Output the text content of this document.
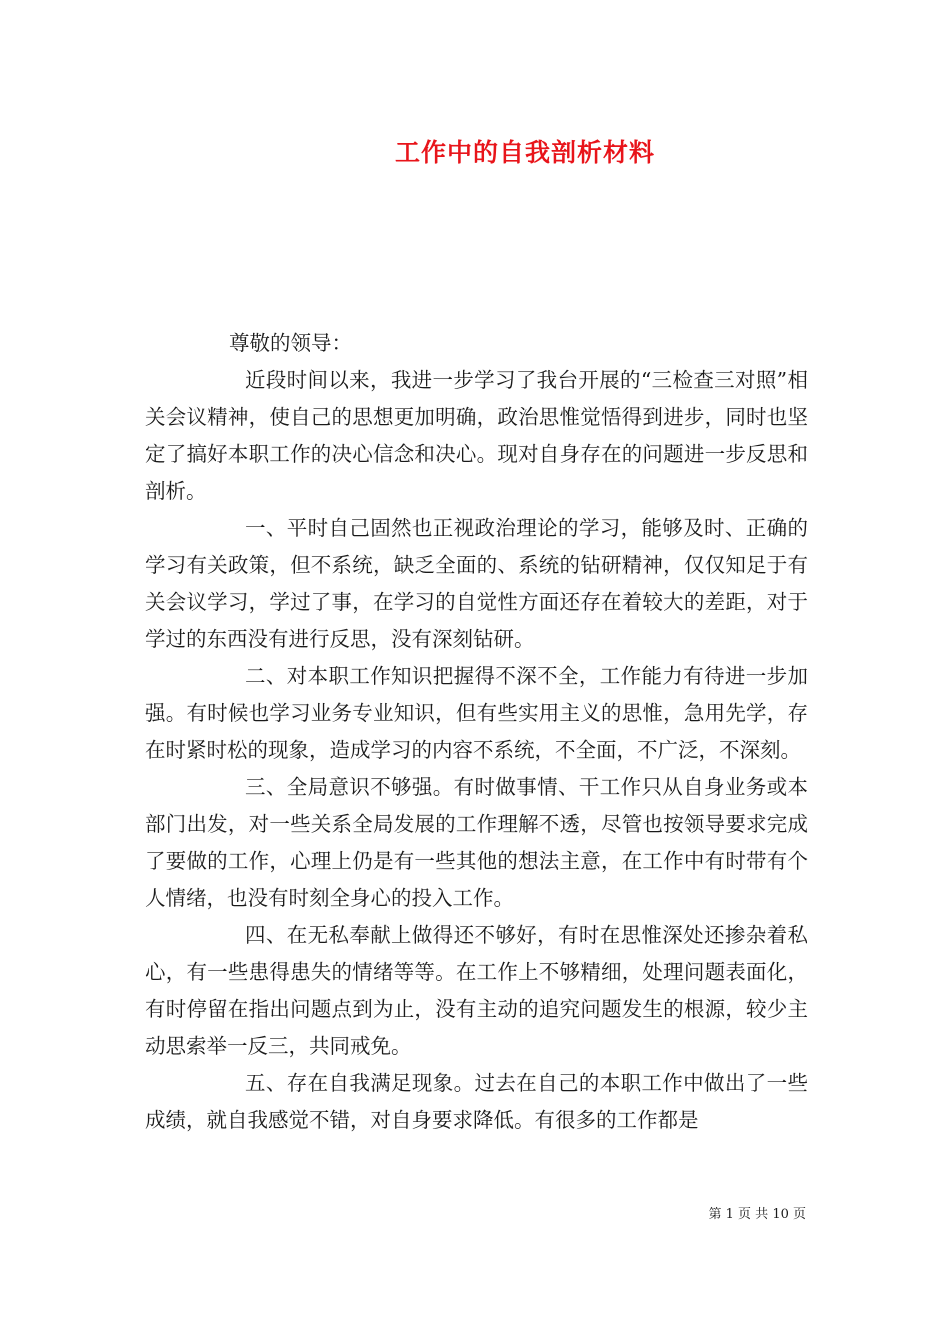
工作中的自我剖析材料

尊敬的领导：

近段时间以来，我进一步学习了我台开展的“三检查三对照”相关会议精神，使自己的思想更加明确，政治思惟觉悟得到进步，同时也坚定了搞好本职工作的决心信念和决心。现对自身存在的问题进一步反思和剖析。

一、平时自己固然也正视政治理论的学习，能够及时、正确的学习有关政策，但不系统，缺乏全面的、系统的钻研精神，仅仅知足于有关会议学习，学过了事，在学习的自觉性方面还存在着较大的差距，对于学过的东西没有进行反思，没有深刻钻研。

二、对本职工作知识把握得不深不全，工作能力有待进一步加强。有时候也学习业务专业知识，但有些实用主义的思惟，急用先学，存在时紧时松的现象，造成学习的内容不系统，不全面，不广泛，不深刻。

三、全局意识不够强。有时做事情、干工作只从自身业务或本部门出发，对一些关系全局发展的工作理解不透，尽管也按领导要求完成了要做的工作，心理上仍是有一些其他的想法主意，在工作中有时带有个人情绪，也没有时刻全身心的投入工作。

四、在无私奉献上做得还不够好，有时在思惟深处还掺杂着私心，有一些患得患失的情绪等等。在工作上不够精细，处理问题表面化，有时停留在指出问题点到为止，没有主动的追究问题发生的根源，较少主动思索举一反三，共同戒免。

五、存在自我满足现象。过去在自己的本职工作中做出了一些成绩，就自我感觉不错，对自身要求降低。有很多的工作都是

第 1 页 共 10 页
